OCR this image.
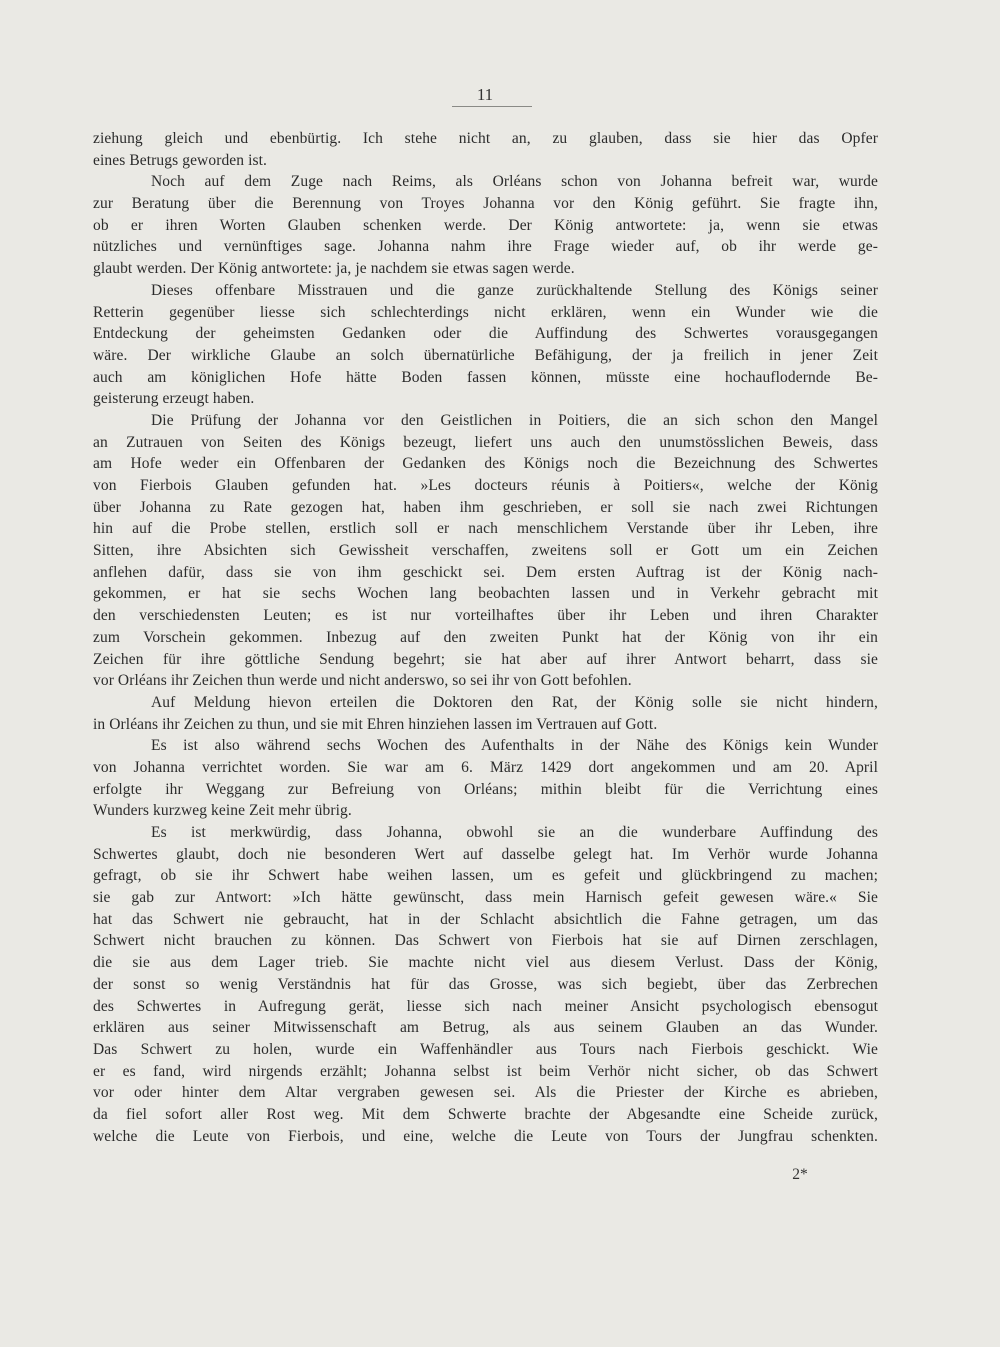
11
ziehung gleich und ebenbürtig. Ich stehe nicht an, zu glauben, dass sie hier das Opfer
eines Betrugs geworden ist.
Noch auf dem Zuge nach Reims, als Orléans schon von Johanna befreit war, wurde
zur Beratung über die Berennung von Troyes Johanna vor den König geführt. Sie fragte ihn,
ob er ihren Worten Glauben schenken werde. Der König antwortete: ja, wenn sie etwas
nützliches und vernünftiges sage. Johanna nahm ihre Frage wieder auf, ob ihr werde ge-
glaubt werden. Der König antwortete: ja, je nachdem sie etwas sagen werde.
Dieses offenbare Misstrauen und die ganze zurückhaltende Stellung des Königs seiner
Retterin gegenüber liesse sich schlechterdings nicht erklären, wenn ein Wunder wie die
Entdeckung der geheimsten Gedanken oder die Auffindung des Schwertes vorausgegangen
wäre. Der wirkliche Glaube an solch übernatürliche Befähigung, der ja freilich in jener Zeit
auch am königlichen Hofe hätte Boden fassen können, müsste eine hochauflodernde Be-
geisterung erzeugt haben.
Die Prüfung der Johanna vor den Geistlichen in Poitiers, die an sich schon den Mangel
an Zutrauen von Seiten des Königs bezeugt, liefert uns auch den unumstösslichen Beweis, dass
am Hofe weder ein Offenbaren der Gedanken des Königs noch die Bezeichnung des Schwertes
von Fierbois Glauben gefunden hat. »Les docteurs réunis à Poitiers«, welche der König
über Johanna zu Rate gezogen hat, haben ihm geschrieben, er soll sie nach zwei Richtungen
hin auf die Probe stellen, erstlich soll er nach menschlichem Verstande über ihr Leben, ihre
Sitten, ihre Absichten sich Gewissheit verschaffen, zweitens soll er Gott um ein Zeichen
anflehen dafür, dass sie von ihm geschickt sei. Dem ersten Auftrag ist der König nach-
gekommen, er hat sie sechs Wochen lang beobachten lassen und in Verkehr gebracht mit
den verschiedensten Leuten; es ist nur vorteilhaftes über ihr Leben und ihren Charakter
zum Vorschein gekommen. Inbezug auf den zweiten Punkt hat der König von ihr ein
Zeichen für ihre göttliche Sendung begehrt; sie hat aber auf ihrer Antwort beharrt, dass sie
vor Orléans ihr Zeichen thun werde und nicht anderswo, so sei ihr von Gott befohlen.
Auf Meldung hievon erteilen die Doktoren den Rat, der König solle sie nicht hindern,
in Orléans ihr Zeichen zu thun, und sie mit Ehren hinziehen lassen im Vertrauen auf Gott.
Es ist also während sechs Wochen des Aufenthalts in der Nähe des Königs kein Wunder
von Johanna verrichtet worden. Sie war am 6. März 1429 dort angekommen und am 20. April
erfolgte ihr Weggang zur Befreiung von Orléans; mithin bleibt für die Verrichtung eines
Wunders kurzweg keine Zeit mehr übrig.
Es ist merkwürdig, dass Johanna, obwohl sie an die wunderbare Auffindung des
Schwertes glaubt, doch nie besonderen Wert auf dasselbe gelegt hat. Im Verhör wurde Johanna
gefragt, ob sie ihr Schwert habe weihen lassen, um es gefeit und glückbringend zu machen;
sie gab zur Antwort: »Ich hätte gewünscht, dass mein Harnisch gefeit gewesen wäre.« Sie
hat das Schwert nie gebraucht, hat in der Schlacht absichtlich die Fahne getragen, um das
Schwert nicht brauchen zu können. Das Schwert von Fierbois hat sie auf Dirnen zerschlagen,
die sie aus dem Lager trieb. Sie machte nicht viel aus diesem Verlust. Dass der König,
der sonst so wenig Verständnis hat für das Grosse, was sich begiebt, über das Zerbrechen
des Schwertes in Aufregung gerät, liesse sich nach meiner Ansicht psychologisch ebensogut
erklären aus seiner Mitwissenschaft am Betrug, als aus seinem Glauben an das Wunder.
Das Schwert zu holen, wurde ein Waffenhändler aus Tours nach Fierbois geschickt. Wie
er es fand, wird nirgends erzählt; Johanna selbst ist beim Verhör nicht sicher, ob das Schwert
vor oder hinter dem Altar vergraben gewesen sei. Als die Priester der Kirche es abrieben,
da fiel sofort aller Rost weg. Mit dem Schwerte brachte der Abgesandte eine Scheide zurück,
welche die Leute von Fierbois, und eine, welche die Leute von Tours der Jungfrau schenkten.
2*
